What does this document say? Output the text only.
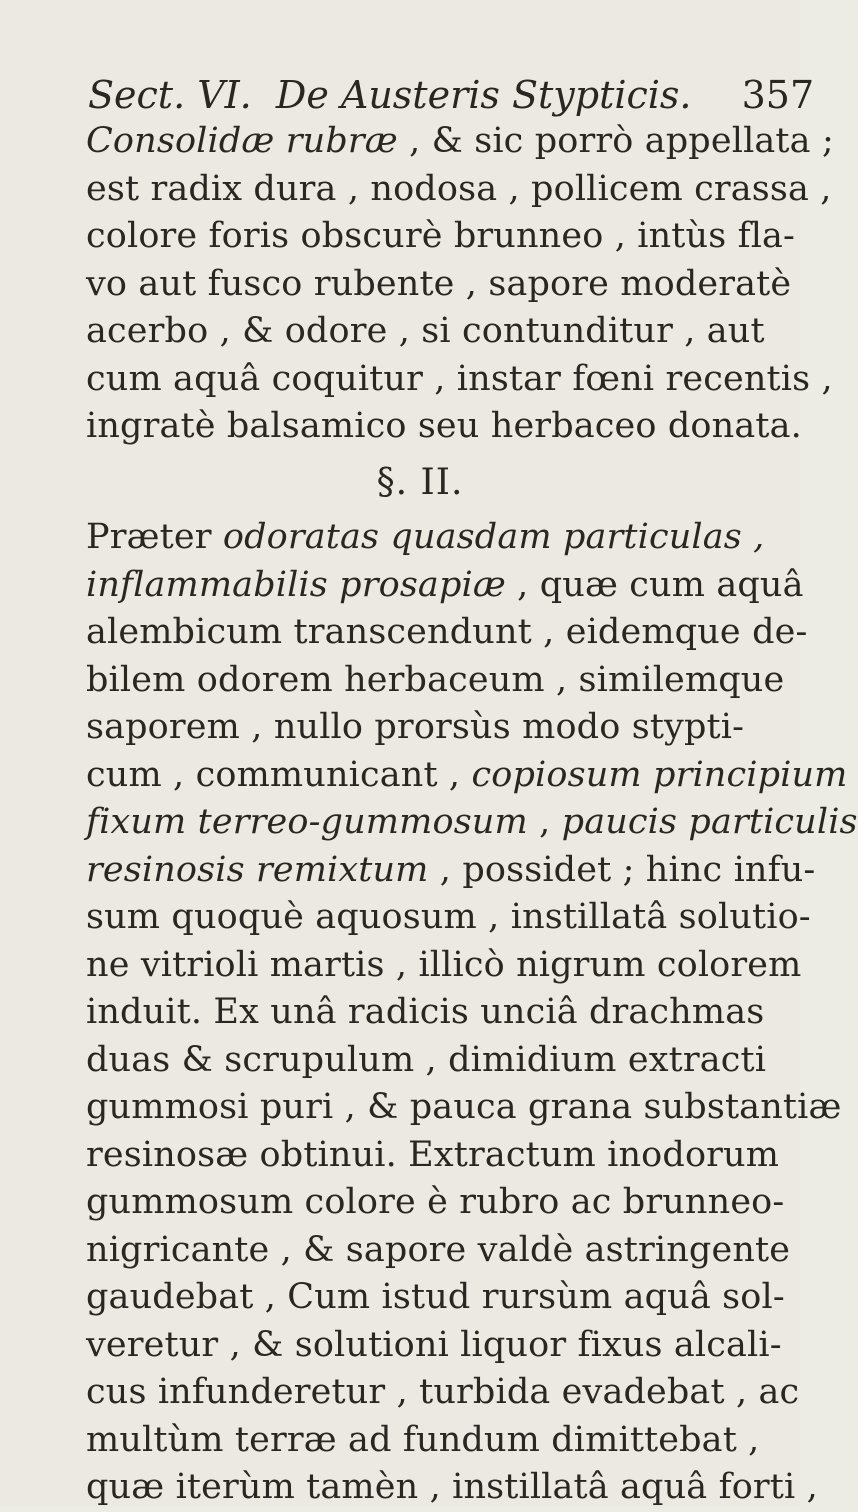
Sect. VI. De Austeris Stypticis. 357
Consolidæ rubræ , & sic porrò appellata ;
est radix dura , nodosa , pollicem crassa ,
colore foris obscurè brunneo , intùs fla-
vo aut fusco rubente , sapore moderatè
acerbo , & odore , si contunditur , aut
cum aquâ coquitur , instar fœni recentis ,
ingratè balsamico seu herbaceo donata.
§. II.
Præter odoratas quasdam particulas ,
inflammabilis prosapiæ , quæ cum aquâ
alembicum transcendunt , eidemque de-
bilem odorem herbaceum , similemque
saporem , nullo prorsùs modo stypti-
cum , communicant , copiosum principium
fixum terreo-gummosum , paucis particulis
resinosis remixtum , possidet ; hinc infu-
sum quoquè aquosum , instillatâ solutio-
ne vitrioli martis , illicò nigrum colorem
induit. Ex unâ radicis unciâ drachmas
duas & scrupulum , dimidium extracti
gummosi puri , & pauca grana substantiæ
resinosæ obtinui. Extractum inodorum
gummosum colore è rubro ac brunneo-
nigricante , & sapore valdè astringente
gaudebat , Cum istud rursùm aquâ sol-
veretur , & solutioni liquor fixus alcali-
cus infunderetur , turbida evadebat , ac
multùm terræ ad fundum dimittebat ,
quæ iterùm tamèn , instillatâ aquâ forti ,
